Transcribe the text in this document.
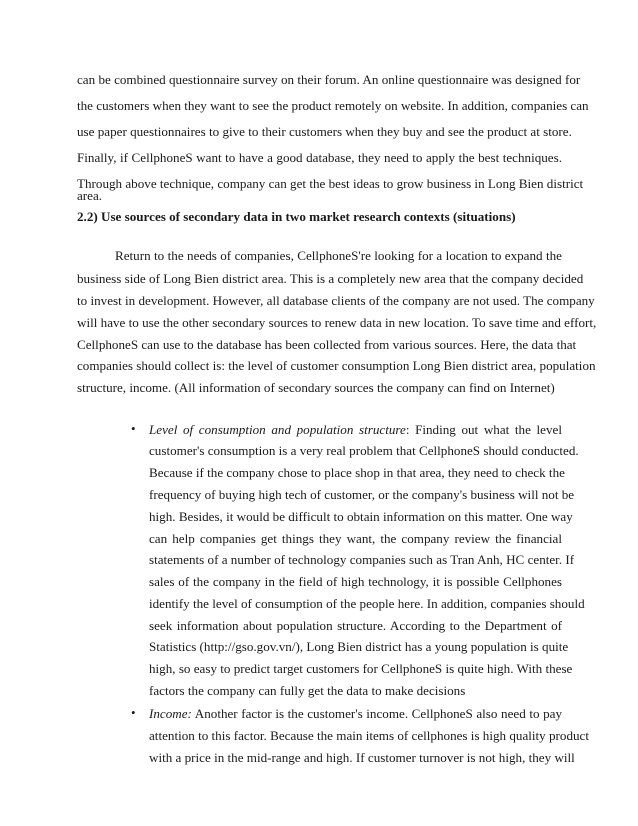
can be combined questionnaire survey on their forum. An online questionnaire was designed for
the customers when they want to see the product remotely on website. In addition, companies can
use paper questionnaires to give to their customers when they buy and see the product at store.
Finally, if CellphoneS want to have a good database, they need to apply the best techniques.
Through above technique, company can get the best ideas to grow business in Long Bien district
area.
2.2) Use sources of secondary data in two market research contexts (situations)
Return to the needs of companies, CellphoneS're looking for a location to expand the
business side of Long Bien district area. This is a completely new area that the company decided
to invest in development. However, all database clients of the company are not used. The company
will have to use the other secondary sources to renew data in new location. To save time and effort,
CellphoneS can use to the database has been collected from various sources. Here, the data that
companies should collect is: the level of customer consumption Long Bien district area, population
structure, income. (All information of secondary sources the company can find on Internet)
• Level of consumption and population structure: Finding out what the level
customer's consumption is a very real problem that CellphoneS should conducted.
Because if the company chose to place shop in that area, they need to check the
frequency of buying high tech of customer, or the company's business will not be
high. Besides, it would be difficult to obtain information on this matter. One way
can help companies get things they want, the company review the financial
statements of a number of technology companies such as Tran Anh, HC center. If
sales of the company in the field of high technology, it is possible Cellphones
identify the level of consumption of the people here. In addition, companies should
seek information about population structure. According to the Department of
Statistics (http://gso.gov.vn/), Long Bien district has a young population is quite
high, so easy to predict target customers for CellphoneS is quite high. With these
factors the company can fully get the data to make decisions
• Income: Another factor is the customer's income. CellphoneS also need to pay
attention to this factor. Because the main items of cellphones is high quality product
with a price in the mid-range and high. If customer turnover is not high, they will
